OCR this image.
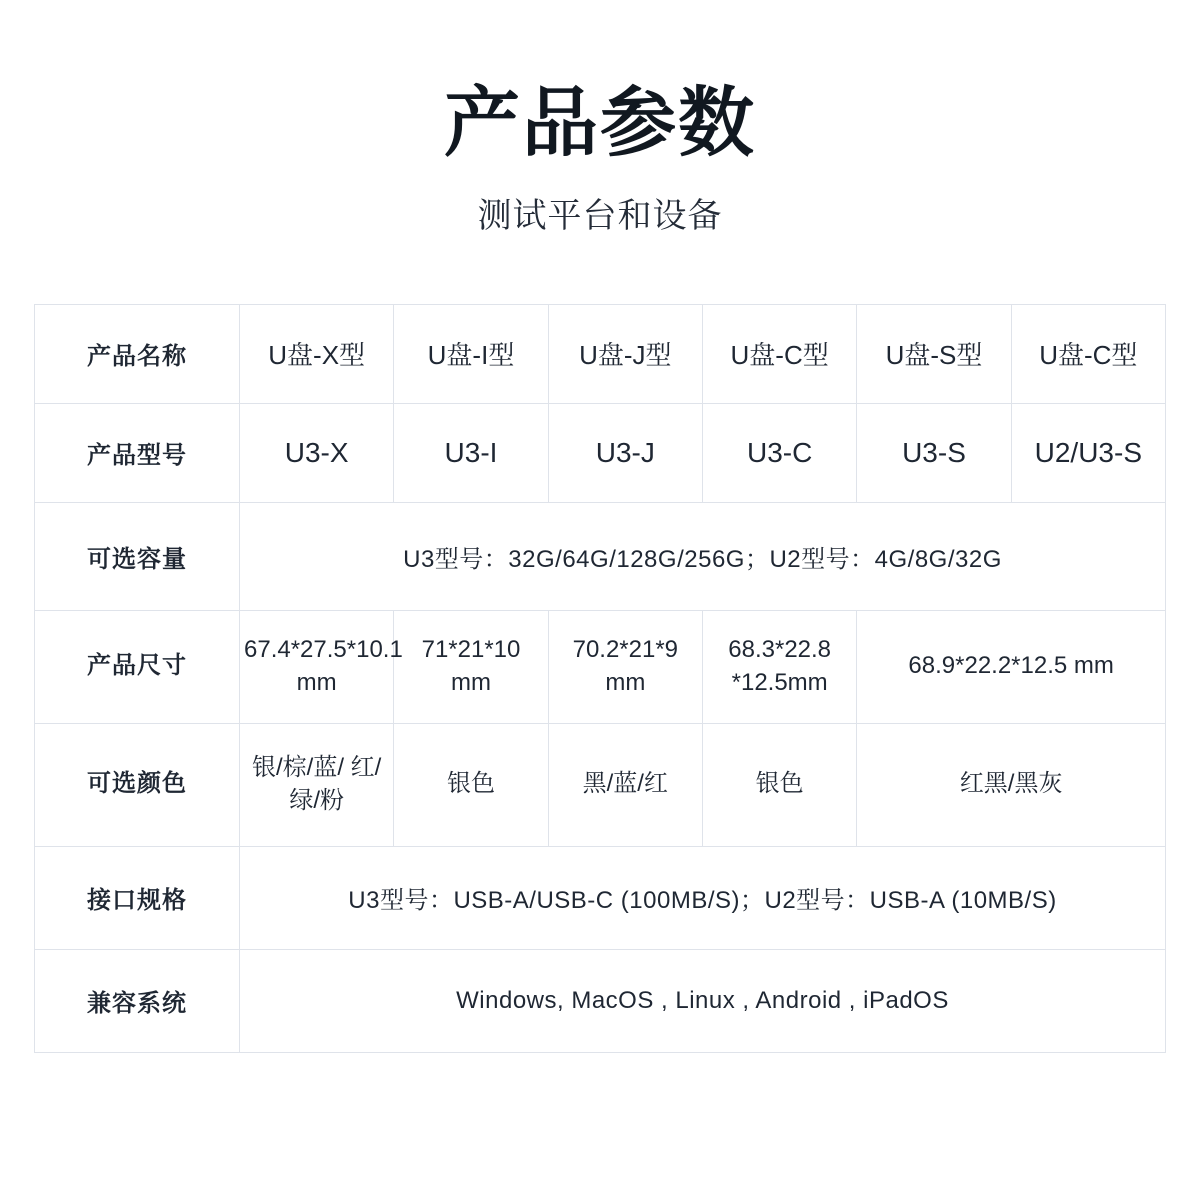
产品参数

测试平台和设备

产品名称	U盘-X型	U盘-I型	U盘-J型	U盘-C型	U盘-S型	U盘-C型
产品型号	U3-X	U3-I	U3-J	U3-C	U3-S	U2/U3-S
可选容量	U3型号：32G/64G/128G/256G；U2型号：4G/8G/32G					
产品尺寸	67.4*27.5*10.1 mm	71*21*10 mm	70.2*21*9 mm	68.3*22.8 *12.5mm	68.9*22.2*12.5 mm	
可选颜色	银/棕/蓝/ 红/绿/粉	银色	黑/蓝/红	银色	红黑/黑灰	
接口规格	U3型号：USB-A/USB-C (100MB/S)；U2型号：USB-A (10MB/S)					
兼容系统	Windows, MacOS , Linux , Android , iPadOS					
